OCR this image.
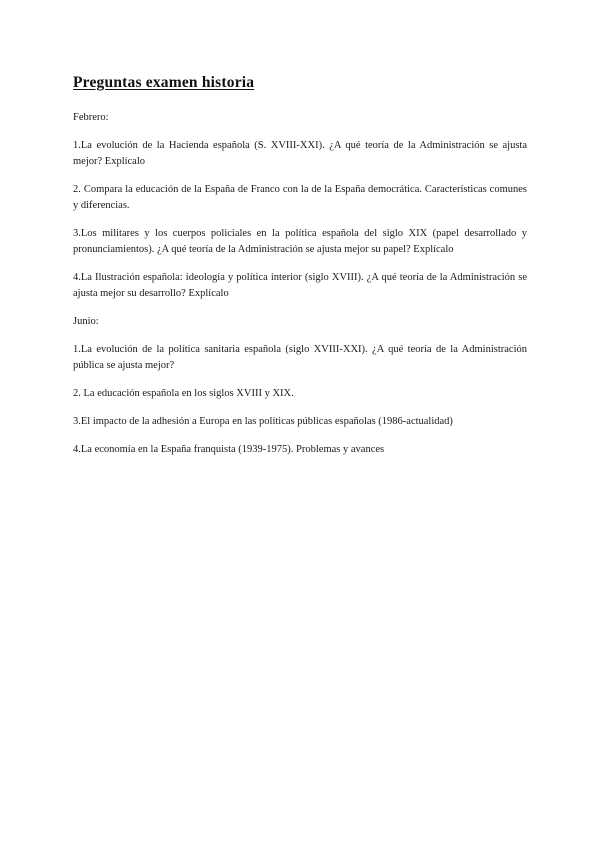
Preguntas examen historia

Febrero:

1.La evolución de la Hacienda española (S. XVIII-XXI). ¿A qué teoría de la Administración se ajusta mejor? Explícalo

2. Compara la educación de la España de Franco con la de la España democrática. Características comunes y diferencias.

3.Los militares y los cuerpos policiales en la política española del siglo XIX (papel desarrollado y pronunciamientos). ¿A qué teoría de la Administración se ajusta mejor su papel? Explícalo

4.La Ilustración española: ideología y política interior (siglo XVIII). ¿A qué teoría de la Administración se ajusta mejor su desarrollo? Explícalo

Junio:

1.La evolución de la política sanitaria española (siglo XVIII-XXI). ¿A qué teoría de la Administración pública se ajusta mejor?

2. La educación española en los siglos XVIII y XIX.

3.El impacto de la adhesión a Europa en las políticas públicas españolas (1986-actualidad)

4.La economía en la España franquista (1939-1975). Problemas y avances
